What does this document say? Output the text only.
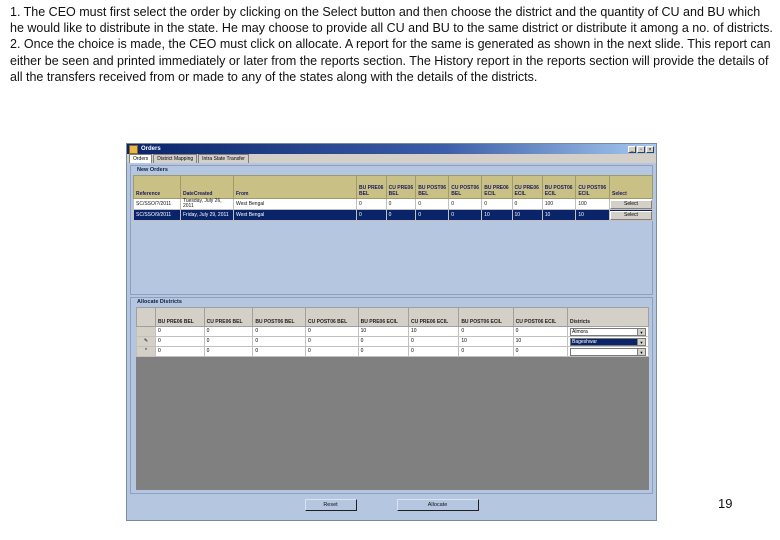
1. The CEO must first select the order by clicking on the Select button and then choose the district and the quantity of CU and BU which he would like to distribute in the state. He may choose to provide all CU and BU to the same district or distribute it among a no. of districts.

2. Once the choice is made, the CEO must click on allocate. A report for the same is generated as shown in the next slide. This report can either be seen and printed immediately or later from the reports section. The History report in the reports section will provide the details of all the transfers received from or made to any of the states along with the details of the districts.

Orders	_	▫	×
Orders	District Mapping	Intra State Transfer
New Orders
Reference	DateCreated	From	BU PRE06 BEL	CU PRE06 BEL	BU POST06 BEL	CU POST06 BEL	BU PRE06 ECIL	CU PRE06 ECIL	BU POST06 ECIL	CU POST06 ECIL	Select
SC/SSO/?/2011	Tuesday, July 26, 2011	West Bengal	0	0	0	0	0	0	100	100	Select

SC/SSO/9/2011	Friday, July 29, 2011	West Bengal	0	0	0	0	10	10	10	10	Select
Allocate Districts
	BU PRE06 BEL	CU PRE06 BEL	BU POST06 BEL	CU POST06 BEL	BU PRE06 ECIL	CU PRE06 ECIL	BU POST06 ECIL	CU POST06 ECIL	Districts
	0	0	0	0	10	10	0	0	Almora ▼

✎	0	0	0	0	0	0	10	10	Bageshwar ▼

*	0	0	0	0	0	0	0	0	▼
Reset	Allocate	19
